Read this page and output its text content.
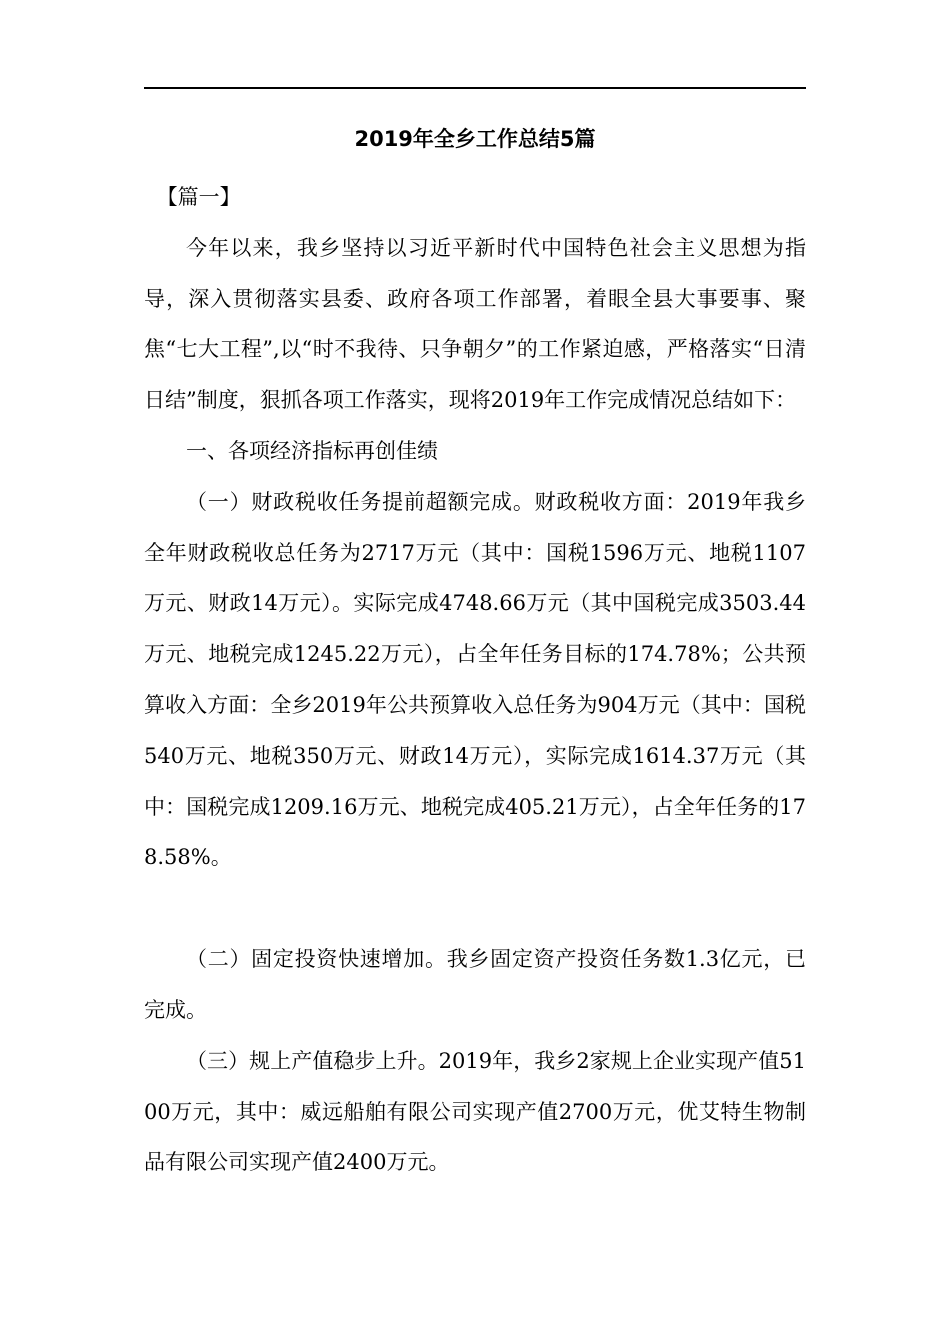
2019年全乡工作总结5篇

【篇一】

今年以来，我乡坚持以习近平新时代中国特色社会主义思想为指导，深入贯彻落实县委、政府各项工作部署，着眼全县大事要事、聚焦“七大工程”,以“时不我待、只争朝夕”的工作紧迫感，严格落实“日清日结”制度，狠抓各项工作落实，现将2019年工作完成情况总结如下：

一、各项经济指标再创佳绩

（一）财政税收任务提前超额完成。财政税收方面：2019年我乡全年财政税收总任务为2717万元（其中：国税1596万元、地税1107万元、财政14万元）。实际完成4748.66万元（其中国税完成3503.44万元、地税完成1245.22万元），占全年任务目标的174.78%；公共预算收入方面：全乡2019年公共预算收入总任务为904万元（其中：国税540万元、地税350万元、财政14万元），实际完成1614.37万元（其中：国税完成1209.16万元、地税完成405.21万元），占全年任务的178.58%。

（二）固定投资快速增加。我乡固定资产投资任务数1.3亿元，已完成。

（三）规上产值稳步上升。2019年，我乡2家规上企业实现产值5100万元，其中：威远船舶有限公司实现产值2700万元，优艾特生物制品有限公司实现产值2400万元。
